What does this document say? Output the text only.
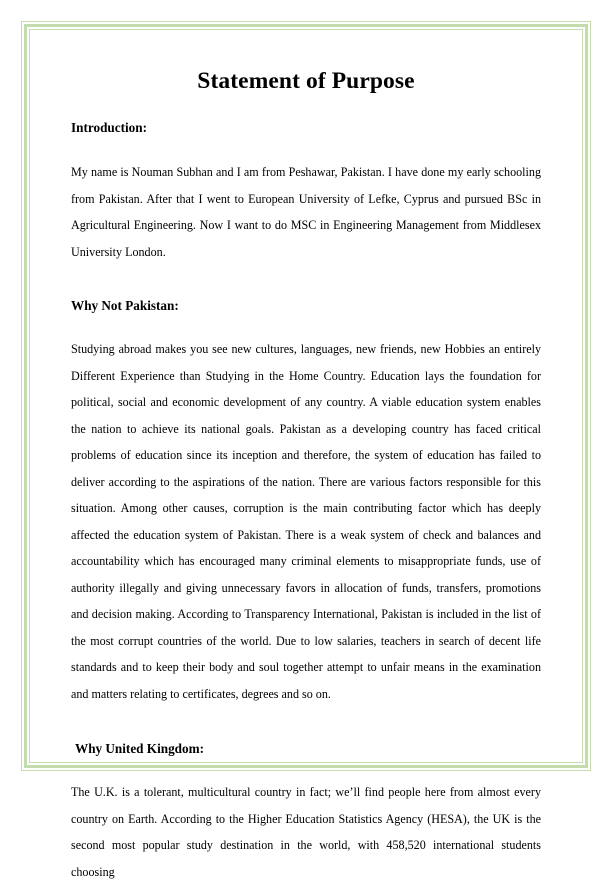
Statement of Purpose
Introduction:

My name is Nouman Subhan and I am from Peshawar, Pakistan. I have done my early schooling from Pakistan. After that I went to European University of Lefke, Cyprus and pursued BSc in Agricultural Engineering. Now I want to do MSC in Engineering Management from Middlesex University London.

Why Not Pakistan:

Studying abroad makes you see new cultures, languages, new friends, new Hobbies an entirely Different Experience than Studying in the Home Country. Education lays the foundation for political, social and economic development of any country. A viable education system enables the nation to achieve its national goals. Pakistan as a developing country has faced critical problems of education since its inception and therefore, the system of education has failed to deliver according to the aspirations of the nation. There are various factors responsible for this situation. Among other causes, corruption is the main contributing factor which has deeply affected the education system of Pakistan. There is a weak system of check and balances and accountability which has encouraged many criminal elements to misappropriate funds, use of authority illegally and giving unnecessary favors in allocation of funds, transfers, promotions and decision making. According to Transparency International, Pakistan is included in the list of the most corrupt countries of the world. Due to low salaries, teachers in search of decent life standards and to keep their body and soul together attempt to unfair means in the examination and matters relating to certificates, degrees and so on.

Why United Kingdom:

The U.K. is a tolerant, multicultural country in fact; we’ll find people here from almost every country on Earth. According to the Higher Education Statistics Agency (HESA), the UK is the second most popular study destination in the world, with 458,520 international students choosing
